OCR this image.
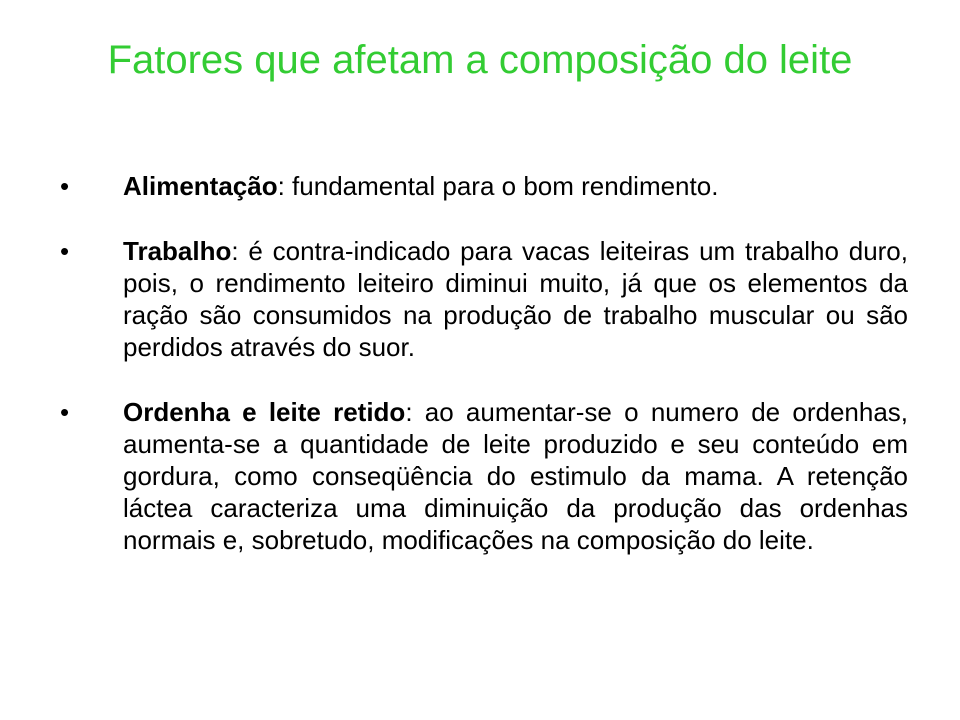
Fatores que afetam a composição do leite
•	Alimentação: fundamental para o bom rendimento.
•	Trabalho: é contra-indicado para vacas leiteiras um trabalho duro, pois, o rendimento leiteiro diminui muito, já que os elementos da ração são consumidos na produção de trabalho muscular ou são perdidos através do suor.
•	Ordenha e leite retido: ao aumentar-se o numero de ordenhas, aumenta-se a quantidade de leite produzido e seu conteúdo em gordura, como conseqüência do estimulo da mama. A retenção láctea caracteriza uma diminuição da produção das ordenhas normais e, sobretudo, modificações na composição do leite.
